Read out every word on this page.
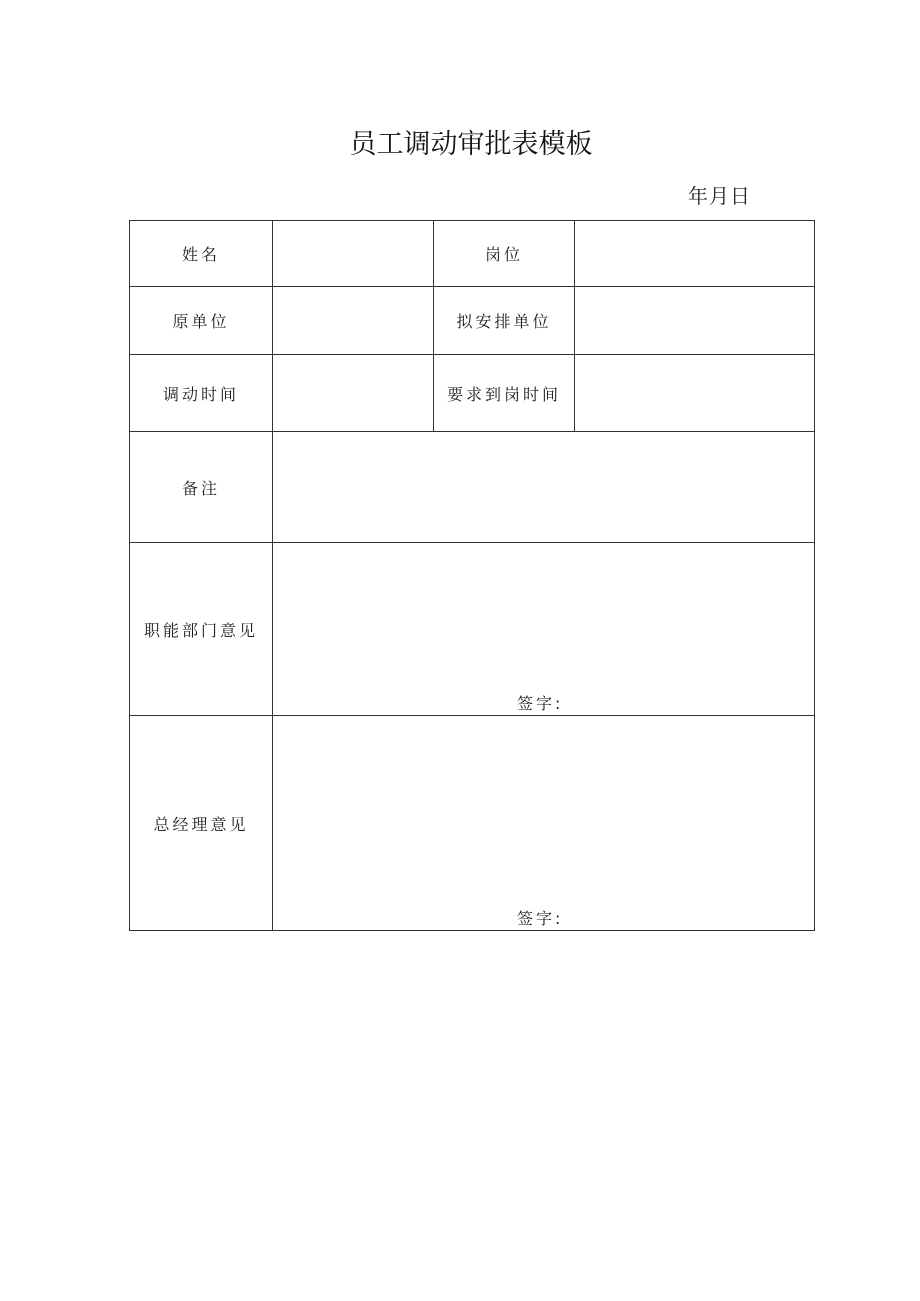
员工调动审批表模板
年月日
姓名		岗位	
原单位		拟安排单位	
调动时间		要求到岗时间	
备注			
职能部门意见	签字:		

总经理意见	签字:		
